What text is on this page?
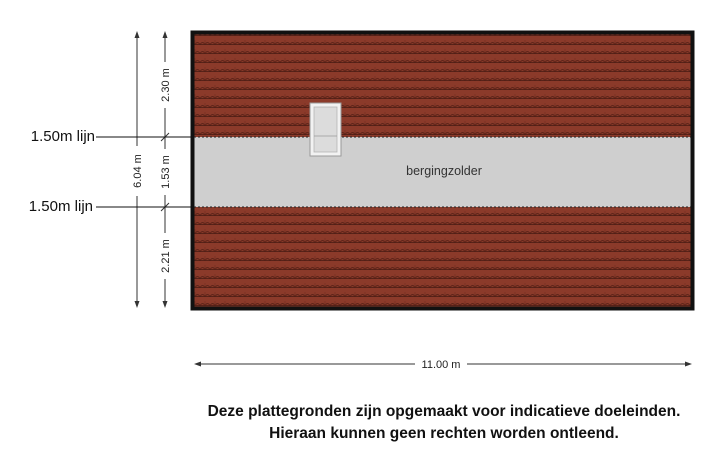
bergingzolder
6.04 m
2.30 m
1.53 m
2.21 m
1.50m lijn
1.50m lijn
11.00 m
Deze plattegronden zijn opgemaakt voor indicatieve doeleinden.
Hieraan kunnen geen rechten worden ontleend.
